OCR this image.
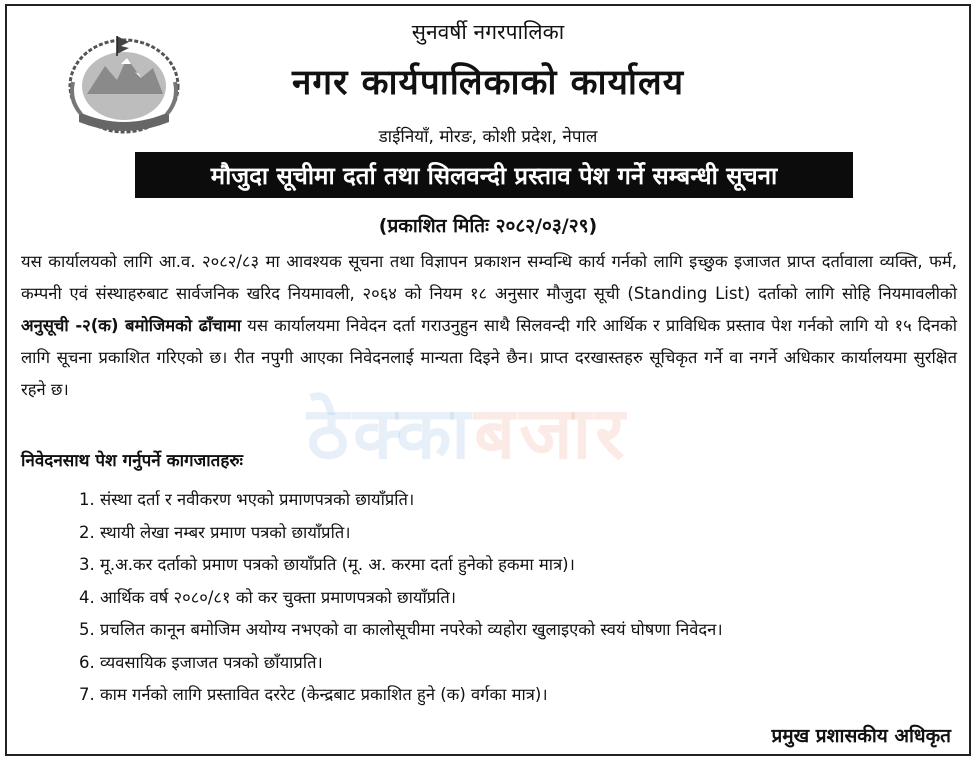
सुनवर्षी नगरपालिका
नगर कार्यपालिकाको कार्यालय
डाईनियाँ, मोरङ, कोशी प्रदेश, नेपाल
मौजुदा सूचीमा दर्ता तथा सिलवन्दी प्रस्ताव पेश गर्ने सम्बन्धी सूचना
(प्रकाशित मितिः २०८२/०३/२९)
ठेक्काबजार
यस कार्यालयको लागि आ.व. २०८२/८३ मा आवश्यक सूचना तथा विज्ञापन प्रकाशन सम्वन्धि कार्य गर्नको लागि इच्छुक इजाजत प्राप्त दर्तावाला व्यक्ति, फर्म, कम्पनी एवं संस्थाहरुबाट सार्वजनिक खरिद नियमावली, २०६४ को नियम १८ अनुसार मौजुदा सूची (Standing List) दर्ताको लागि सोहि नियमावलीको अनुसूची -२(क) बमोजिमको ढाँचामा यस कार्यालयमा निवेदन दर्ता गराउनुहुन साथै सिलवन्दी गरि आर्थिक र प्राविधिक प्रस्ताव पेश गर्नको लागि यो १५ दिनको लागि सूचना प्रकाशित गरिएको छ। रीत नपुगी आएका निवेदनलाई मान्यता दिइने छैन। प्राप्त दरखास्तहरु सूचिकृत गर्ने वा नगर्ने अधिकार कार्यालयमा सुरक्षित रहने छ।
निवेदनसाथ पेश गर्नुपर्ने कागजातहरुः
1. संस्था दर्ता र नवीकरण भएको प्रमाणपत्रको छायाँप्रति।
2. स्थायी लेखा नम्बर प्रमाण पत्रको छायाँप्रति।
3. मू.अ.कर दर्ताको प्रमाण पत्रको छायाँप्रति (मू. अ. करमा दर्ता हुनेको हकमा मात्र)।
4. आर्थिक वर्ष २०८०/८१ को कर चुक्ता प्रमाणपत्रको छायाँप्रति।
5. प्रचलित कानून बमोजिम अयोग्य नभएको वा कालोसूचीमा नपरेको व्यहोरा खुलाइएको स्वयं घोषणा निवेदन।
6. व्यवसायिक इजाजत पत्रको छाँयाप्रति।
7. काम गर्नको लागि प्रस्तावित दररेट (केन्द्रबाट प्रकाशित हुने (क) वर्गका मात्र)।
प्रमुख प्रशासकीय अधिकृत
